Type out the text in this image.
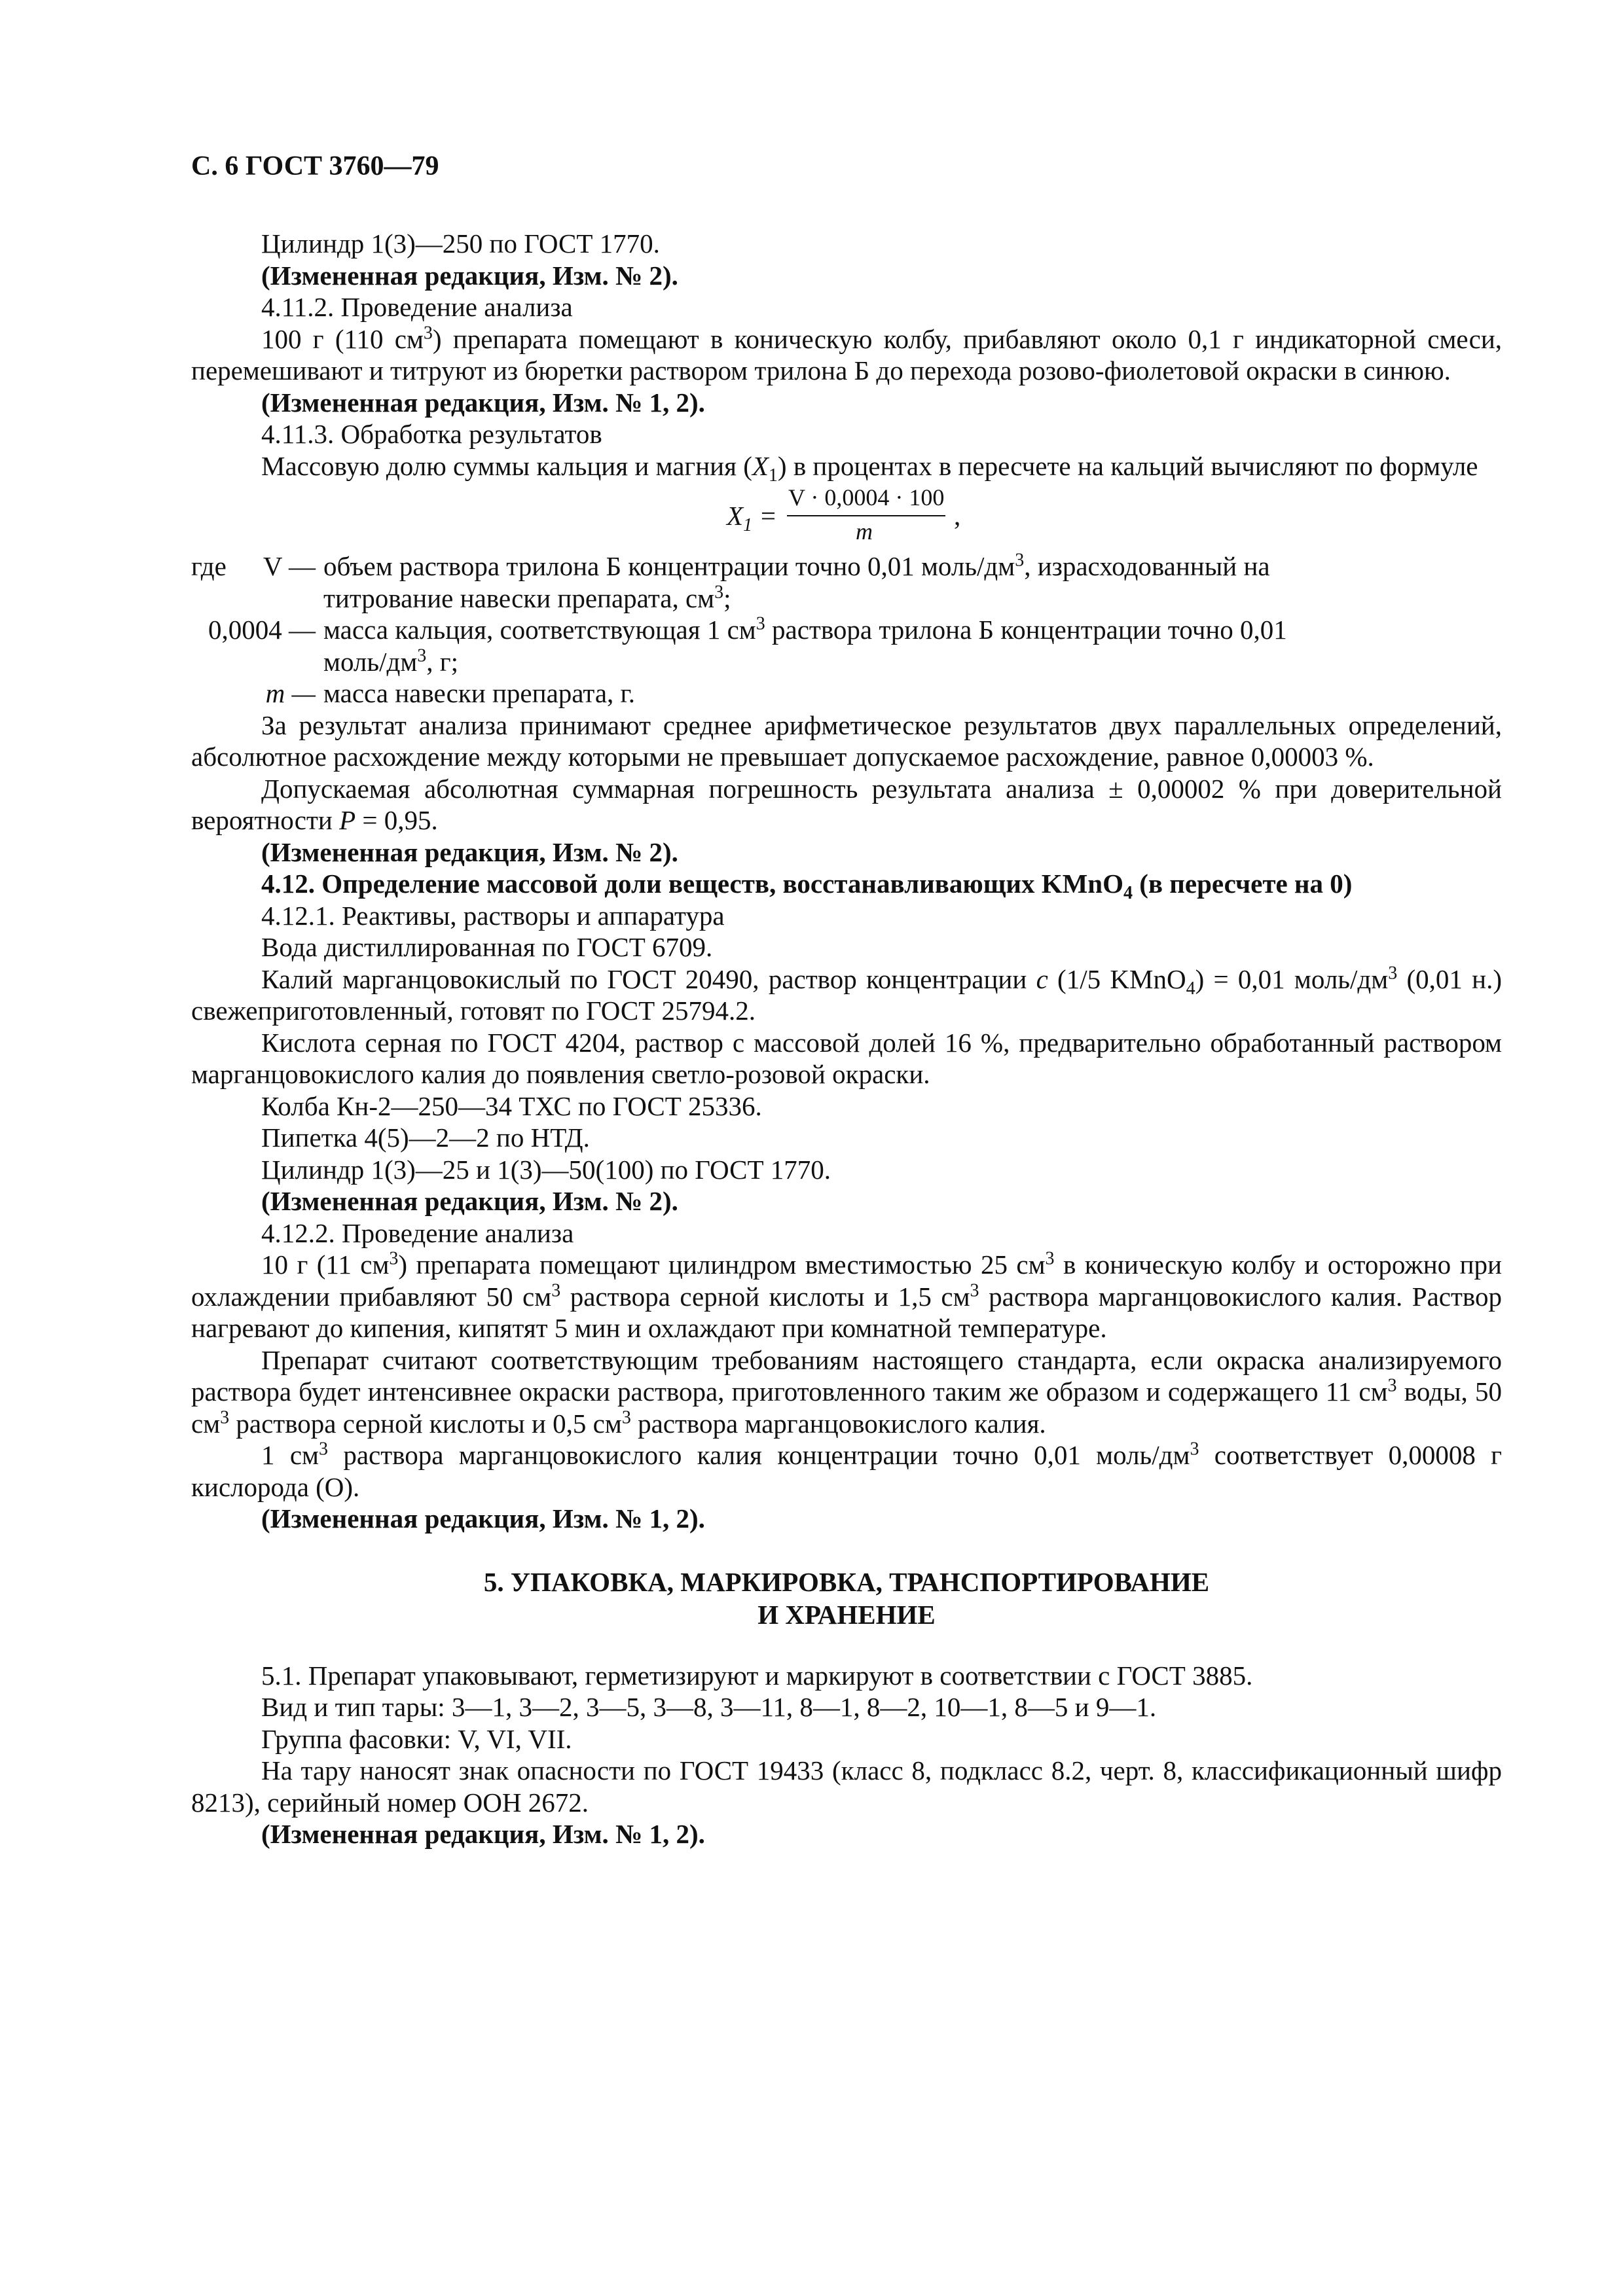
С. 6 ГОСТ 3760—79

Цилиндр 1(3)—250 по ГОСТ 1770.

(Измененная редакция, Изм. № 2).

4.11.2. Проведение анализа

100 г (110 $см^3$) препарата помещают в коническую колбу, прибавляют около 0,1 г индикаторной смеси, перемешивают и титруют из бюретки раствором трилона Б до перехода розово-фиолетовой окраски в синюю.

(Измененная редакция, Изм. № 1, 2).

4.11.3. Обработка результатов

Массовую долю суммы кальция и магния $(X_1)$ в процентах в пересчете на кальций вычисляют по формуле

$X_1$ =
V · 0,0004 · 100
m
,
где V — объем раствора трилона Б концентрации точно 0,01 моль/$дм^3$, израсходованный на
титрование навески препарата, $см^3$;
0,0004 — масса кальция, соответствующая 1 $см^3$ раствора трилона Б концентрации точно 0,01
моль/$дм^3$, г;
m — масса навески препарата, г.

За результат анализа принимают среднее арифметическое результатов двух параллельных определений, абсолютное расхождение между которыми не превышает допускаемое расхождение, равное 0,00003 %.

Допускаемая абсолютная суммарная погрешность результата анализа ± 0,00002 % при доверительной вероятности P = 0,95.

(Измененная редакция, Изм. № 2).

4.12. Определение массовой доли веществ, восстанавливающих KMnO$_4$ (в пересчете на 0)

4.12.1. Реактивы, растворы и аппаратура

Вода дистиллированная по ГОСТ 6709.

Калий марганцовокислый по ГОСТ 20490, раствор концентрации c (1/5 KMnO$_4$) = 0,01 моль/$дм^3$ (0,01 н.) свежеприготовленный, готовят по ГОСТ 25794.2.

Кислота серная по ГОСТ 4204, раствор с массовой долей 16 %, предварительно обработанный раствором марганцовокислого калия до появления светло-розовой окраски.

Колба Кн-2—250—34 ТХС по ГОСТ 25336.

Пипетка 4(5)—2—2 по НТД.

Цилиндр 1(3)—25 и 1(3)—50(100) по ГОСТ 1770.

(Измененная редакция, Изм. № 2).

4.12.2. Проведение анализа

10 г (11 $см^3$) препарата помещают цилиндром вместимостью 25 $см^3$ в коническую колбу и осторожно при охлаждении прибавляют 50 $см^3$ раствора серной кислоты и 1,5 $см^3$ раствора марганцовокислого калия. Раствор нагревают до кипения, кипятят 5 мин и охлаждают при комнатной температуре.

Препарат считают соответствующим требованиям настоящего стандарта, если окраска анализируемого раствора будет интенсивнее окраски раствора, приготовленного таким же образом и содержащего 11 $см^3$ воды, 50 $см^3$ раствора серной кислоты и 0,5 $см^3$ раствора марганцовокислого калия.

1 $см^3$ раствора марганцовокислого калия концентрации точно 0,01 моль/$дм^3$ соответствует 0,00008 г кислорода (О).

(Измененная редакция, Изм. № 1, 2).

5. УПАКОВКА, МАРКИРОВКА, ТРАНСПОРТИРОВАНИЕ
И ХРАНЕНИЕ

5.1. Препарат упаковывают, герметизируют и маркируют в соответствии с ГОСТ 3885.

Вид и тип тары: 3—1, 3—2, 3—5, 3—8, 3—11, 8—1, 8—2, 10—1, 8—5 и 9—1.

Группа фасовки: V, VI, VII.

На тару наносят знак опасности по ГОСТ 19433 (класс 8, подкласс 8.2, черт. 8, классификационный шифр 8213), серийный номер ООН 2672.

(Измененная редакция, Изм. № 1, 2).
